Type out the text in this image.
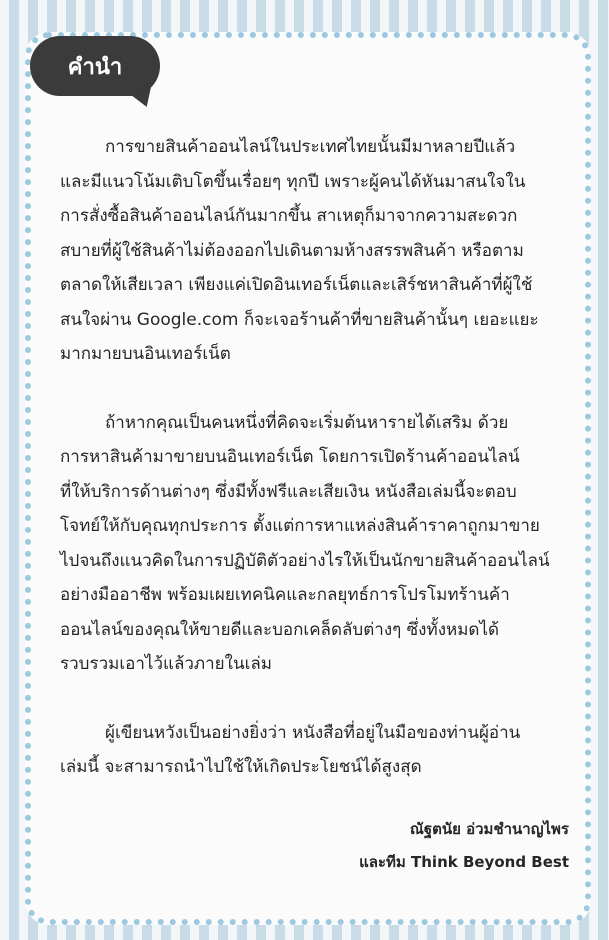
คำนำ

การขายสินค้าออนไลน์ในประเทศไทยนั้นมีมาหลายปีแล้ว
และมีแนวโน้มเติบโตขึ้นเรื่อยๆ ทุกปี เพราะผู้คนได้หันมาสนใจใน
การสั่งซื้อสินค้าออนไลน์กันมากขึ้น สาเหตุก็มาจากความสะดวก
สบายที่ผู้ใช้สินค้าไม่ต้องออกไปเดินตามห้างสรรพสินค้า หรือตาม
ตลาดให้เสียเวลา เพียงแค่เปิดอินเทอร์เน็ตและเสิร์ชหาสินค้าที่ผู้ใช้
สนใจผ่าน Google.com ก็จะเจอร้านค้าที่ขายสินค้านั้นๆ เยอะแยะ
มากมายบนอินเทอร์เน็ต

ถ้าหากคุณเป็นคนหนึ่งที่คิดจะเริ่มต้นหารายได้เสริม ด้วย
การหาสินค้ามาขายบนอินเทอร์เน็ต โดยการเปิดร้านค้าออนไลน์
ที่ให้บริการด้านต่างๆ ซึ่งมีทั้งฟรีและเสียเงิน หนังสือเล่มนี้จะตอบ
โจทย์ให้กับคุณทุกประการ ตั้งแต่การหาแหล่งสินค้าราคาถูกมาขาย
ไปจนถึงแนวคิดในการปฏิบัติตัวอย่างไรให้เป็นนักขายสินค้าออนไลน์
อย่างมืออาชีพ พร้อมเผยเทคนิคและกลยุทธ์การโปรโมทร้านค้า
ออนไลน์ของคุณให้ขายดีและบอกเคล็ดลับต่างๆ ซึ่งทั้งหมดได้
รวบรวมเอาไว้แล้วภายในเล่ม

ผู้เขียนหวังเป็นอย่างยิ่งว่า หนังสือที่อยู่ในมือของท่านผู้อ่าน
เล่มนี้ จะสามารถนำไปใช้ให้เกิดประโยชน์ได้สูงสุด

ณัฐตนัย อ่วมชำนาญไพร
และทีม Think Beyond Best
